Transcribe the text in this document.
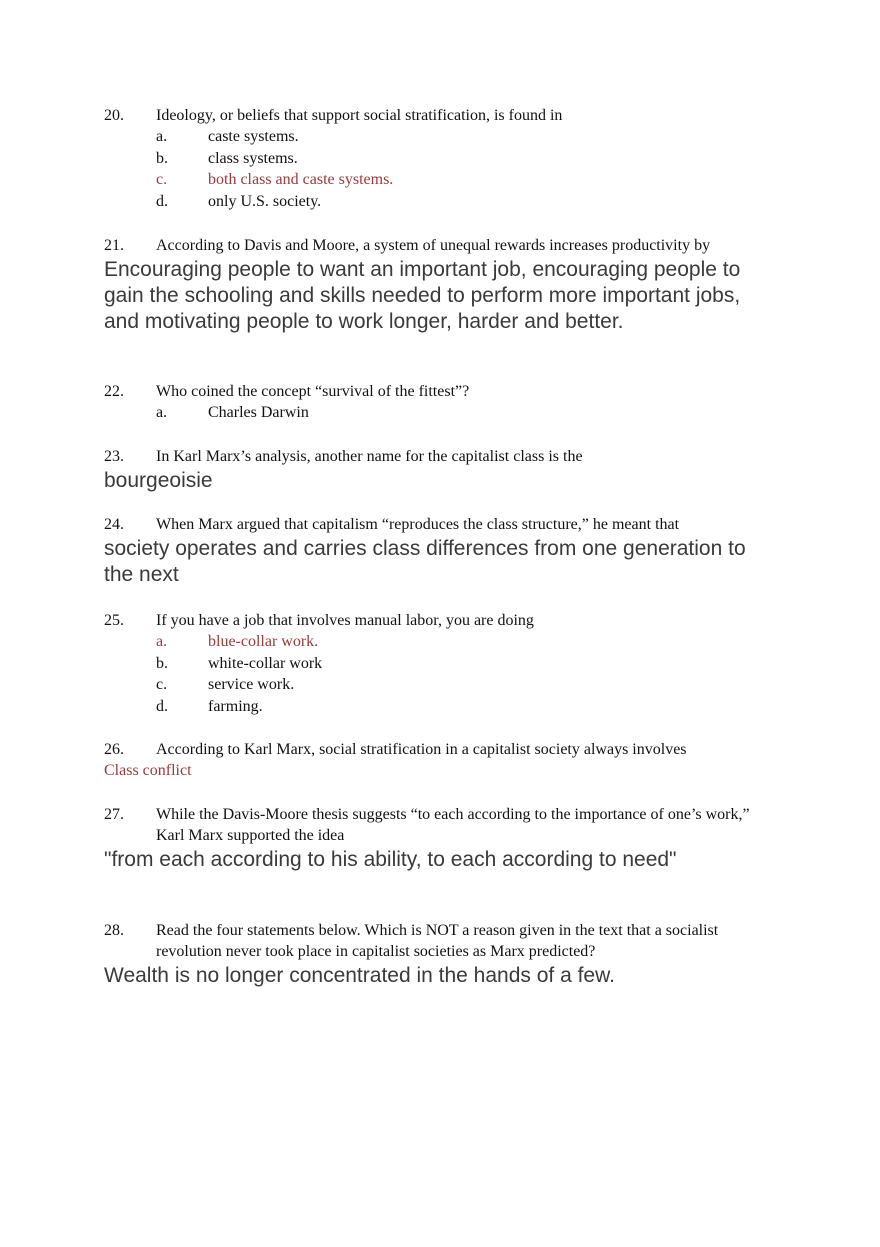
20. Ideology, or beliefs that support social stratification, is found in
a.	caste systems.
b.	class systems.
c.	both class and caste systems.
d.	only U.S. society.
21. According to Davis and Moore, a system of unequal rewards increases productivity by
Encouraging people to want an important job, encouraging people to gain the schooling and skills needed to perform more important jobs, and motivating people to work longer, harder and better.
22. Who coined the concept “survival of the fittest”?
a.	Charles Darwin
23. In Karl Marx’s analysis, another name for the capitalist class is the
bourgeoisie
24. When Marx argued that capitalism “reproduces the class structure,” he meant that
society operates and carries class differences from one generation to the next
25. If you have a job that involves manual labor, you are doing
a.	blue-collar work.
b.	white-collar work
c.	service work.
d.	farming.
26. According to Karl Marx, social stratification in a capitalist society always involves
Class conflict
27. While the Davis-Moore thesis suggests “to each according to the importance of one’s work,” Karl Marx supported the idea
"from each according to his ability, to each according to need"
28. Read the four statements below. Which is NOT a reason given in the text that a socialist revolution never took place in capitalist societies as Marx predicted?
Wealth is no longer concentrated in the hands of a few.
